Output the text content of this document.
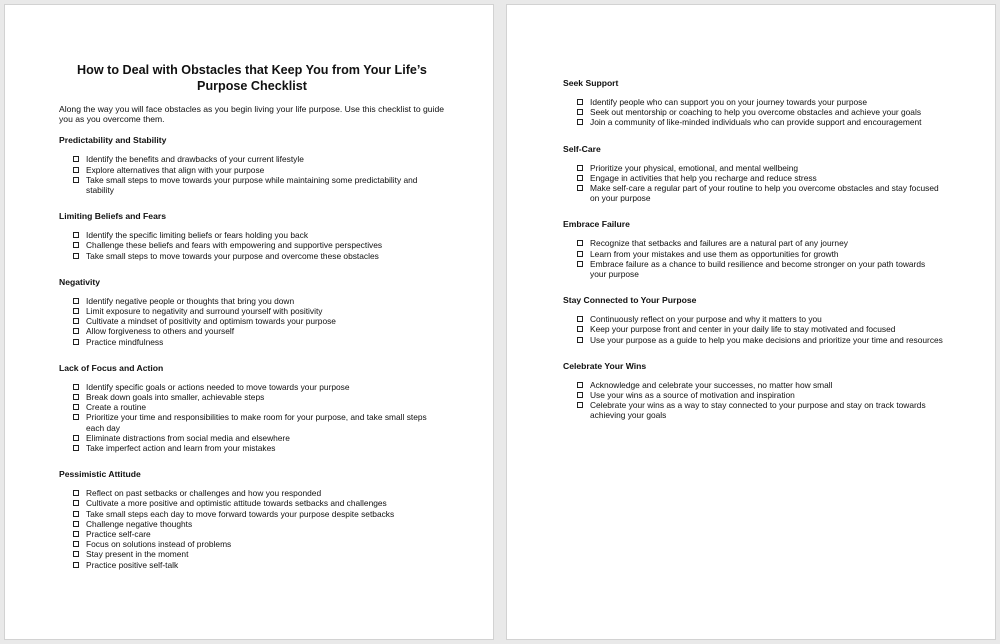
How to Deal with Obstacles that Keep You from Your Life’s Purpose Checklist
Along the way you will face obstacles as you begin living your life purpose. Use this checklist to guide you as you overcome them.
Predictability and Stability
Identify the benefits and drawbacks of your current lifestyle
Explore alternatives that align with your purpose
Take small steps to move towards your purpose while maintaining some predictability and stability
Limiting Beliefs and Fears
Identify the specific limiting beliefs or fears holding you back
Challenge these beliefs and fears with empowering and supportive perspectives
Take small steps to move towards your purpose and overcome these obstacles
Negativity
Identify negative people or thoughts that bring you down
Limit exposure to negativity and surround yourself with positivity
Cultivate a mindset of positivity and optimism towards your purpose
Allow forgiveness to others and yourself
Practice mindfulness
Lack of Focus and Action
Identify specific goals or actions needed to move towards your purpose
Break down goals into smaller, achievable steps
Create a routine
Prioritize your time and responsibilities to make room for your purpose, and take small steps each day
Eliminate distractions from social media and elsewhere
Take imperfect action and learn from your mistakes
Pessimistic Attitude
Reflect on past setbacks or challenges and how you responded
Cultivate a more positive and optimistic attitude towards setbacks and challenges
Take small steps each day to move forward towards your purpose despite setbacks
Challenge negative thoughts
Practice self-care
Focus on solutions instead of problems
Stay present in the moment
Practice positive self-talk
Seek Support
Identify people who can support you on your journey towards your purpose
Seek out mentorship or coaching to help you overcome obstacles and achieve your goals
Join a community of like-minded individuals who can provide support and encouragement
Self-Care
Prioritize your physical, emotional, and mental wellbeing
Engage in activities that help you recharge and reduce stress
Make self-care a regular part of your routine to help you overcome obstacles and stay focused on your purpose
Embrace Failure
Recognize that setbacks and failures are a natural part of any journey
Learn from your mistakes and use them as opportunities for growth
Embrace failure as a chance to build resilience and become stronger on your path towards your purpose
Stay Connected to Your Purpose
Continuously reflect on your purpose and why it matters to you
Keep your purpose front and center in your daily life to stay motivated and focused
Use your purpose as a guide to help you make decisions and prioritize your time and resources
Celebrate Your Wins
Acknowledge and celebrate your successes, no matter how small
Use your wins as a source of motivation and inspiration
Celebrate your wins as a way to stay connected to your purpose and stay on track towards achieving your goals
